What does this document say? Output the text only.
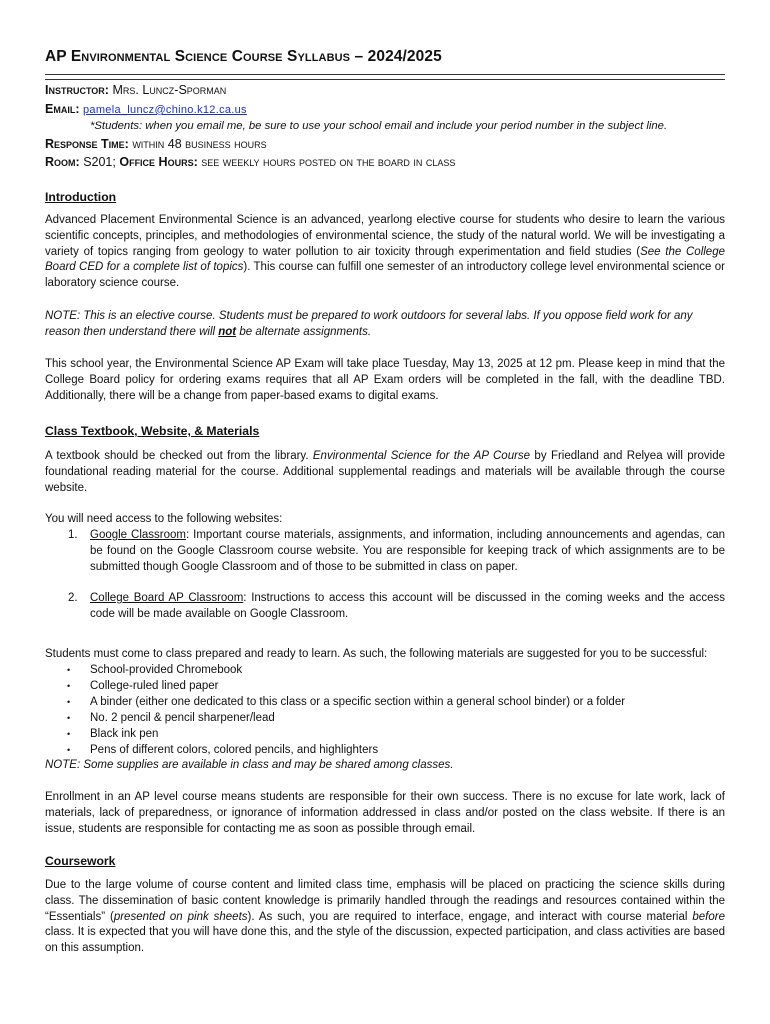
AP Environmental Science Course Syllabus – 2024/2025
Instructor: Mrs. Luncz-Sporman
Email: pamela_luncz@chino.k12.ca.us
*Students: when you email me, be sure to use your school email and include your period number in the subject line.
Response Time: within 48 business hours
Room: S201; Office Hours: see weekly hours posted on the board in class
Introduction

Advanced Placement Environmental Science is an advanced, yearlong elective course for students who desire to learn the various scientific concepts, principles, and methodologies of environmental science, the study of the natural world. We will be investigating a variety of topics ranging from geology to water pollution to air toxicity through experimentation and field studies (See the College Board CED for a complete list of topics). This course can fulfill one semester of an introductory college level environmental science or laboratory science course.

NOTE: This is an elective course. Students must be prepared to work outdoors for several labs. If you oppose field work for any reason then understand there will not be alternate assignments.

This school year, the Environmental Science AP Exam will take place Tuesday, May 13, 2025 at 12 pm. Please keep in mind that the College Board policy for ordering exams requires that all AP Exam orders will be completed in the fall, with the deadline TBD. Additionally, there will be a change from paper-based exams to digital exams.

Class Textbook, Website, & Materials

A textbook should be checked out from the library. Environmental Science for the AP Course by Friedland and Relyea will provide foundational reading material for the course. Additional supplemental readings and materials will be available through the course website.

You will need access to the following websites:

1. Google Classroom: Important course materials, assignments, and information, including announcements and agendas, can be found on the Google Classroom course website. You are responsible for keeping track of which assignments are to be submitted though Google Classroom and of those to be submitted in class on paper.
2. College Board AP Classroom: Instructions to access this account will be discussed in the coming weeks and the access code will be made available on Google Classroom.

Students must come to class prepared and ready to learn. As such, the following materials are suggested for you to be successful:

• School-provided Chromebook
• College-ruled lined paper
• A binder (either one dedicated to this class or a specific section within a general school binder) or a folder
• No. 2 pencil & pencil sharpener/lead
• Black ink pen
• Pens of different colors, colored pencils, and highlighters

NOTE: Some supplies are available in class and may be shared among classes.

Enrollment in an AP level course means students are responsible for their own success. There is no excuse for late work, lack of materials, lack of preparedness, or ignorance of information addressed in class and/or posted on the class website. If there is an issue, students are responsible for contacting me as soon as possible through email.

Coursework

Due to the large volume of course content and limited class time, emphasis will be placed on practicing the science skills during class. The dissemination of basic content knowledge is primarily handled through the readings and resources contained within the “Essentials” (presented on pink sheets). As such, you are required to interface, engage, and interact with course material before class. It is expected that you will have done this, and the style of the discussion, expected participation, and class activities are based on this assumption.
